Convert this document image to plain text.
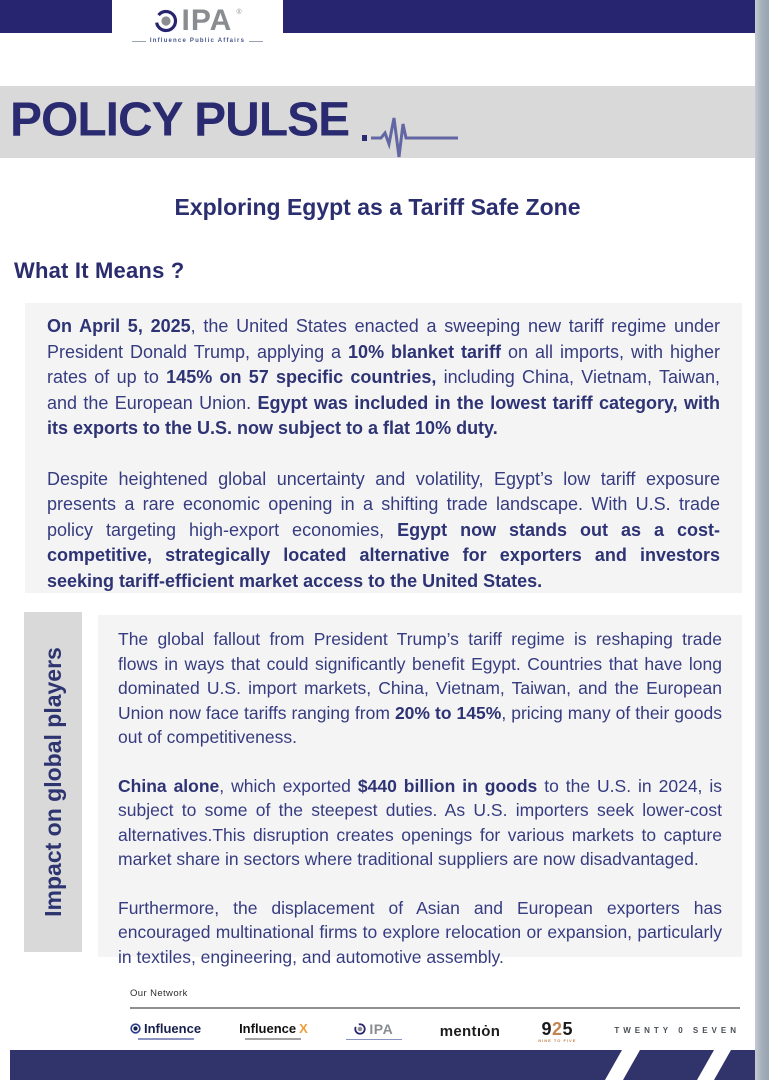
IPA ®
Influence Public Affairs
POLICY PULSE
Exploring Egypt as a Tariff Safe Zone
What It Means ?

On April 5, 2025, the United States enacted a sweeping new tariff regime under President Donald Trump, applying a 10% blanket tariff on all imports, with higher rates of up to 145% on 57 specific countries, including China, Vietnam, Taiwan, and the European Union. Egypt was included in the lowest tariff category, with its exports to the U.S. now subject to a flat 10% duty.

Despite heightened global uncertainty and volatility, Egypt’s low tariff exposure presents a rare economic opening in a shifting trade landscape. With U.S. trade policy targeting high-export economies, Egypt now stands out as a cost-competitive, strategically located alternative for exporters and investors seeking tariff-efficient market access to the United States.

Impact on global players

The global fallout from President Trump’s tariff regime is reshaping trade flows in ways that could significantly benefit Egypt. Countries that have long dominated U.S. import markets, China, Vietnam, Taiwan, and the European Union now face tariffs ranging from 20% to 145%, pricing many of their goods out of competitiveness.

China alone, which exported $440 billion in goods to the U.S. in 2024, is subject to some of the steepest duties. As U.S. importers seek lower-cost alternatives.This disruption creates openings for various markets to capture market share in sectors where traditional suppliers are now disadvantaged.

Furthermore, the displacement of Asian and European exporters has encouraged multinational firms to explore relocation or expansion, particularly in textiles, engineering, and automotive assembly.

Our Network
Influence	Influence X	IPA	mentıȯn 925
NINE TO FIVE
TWENTY 0 SEVEN
